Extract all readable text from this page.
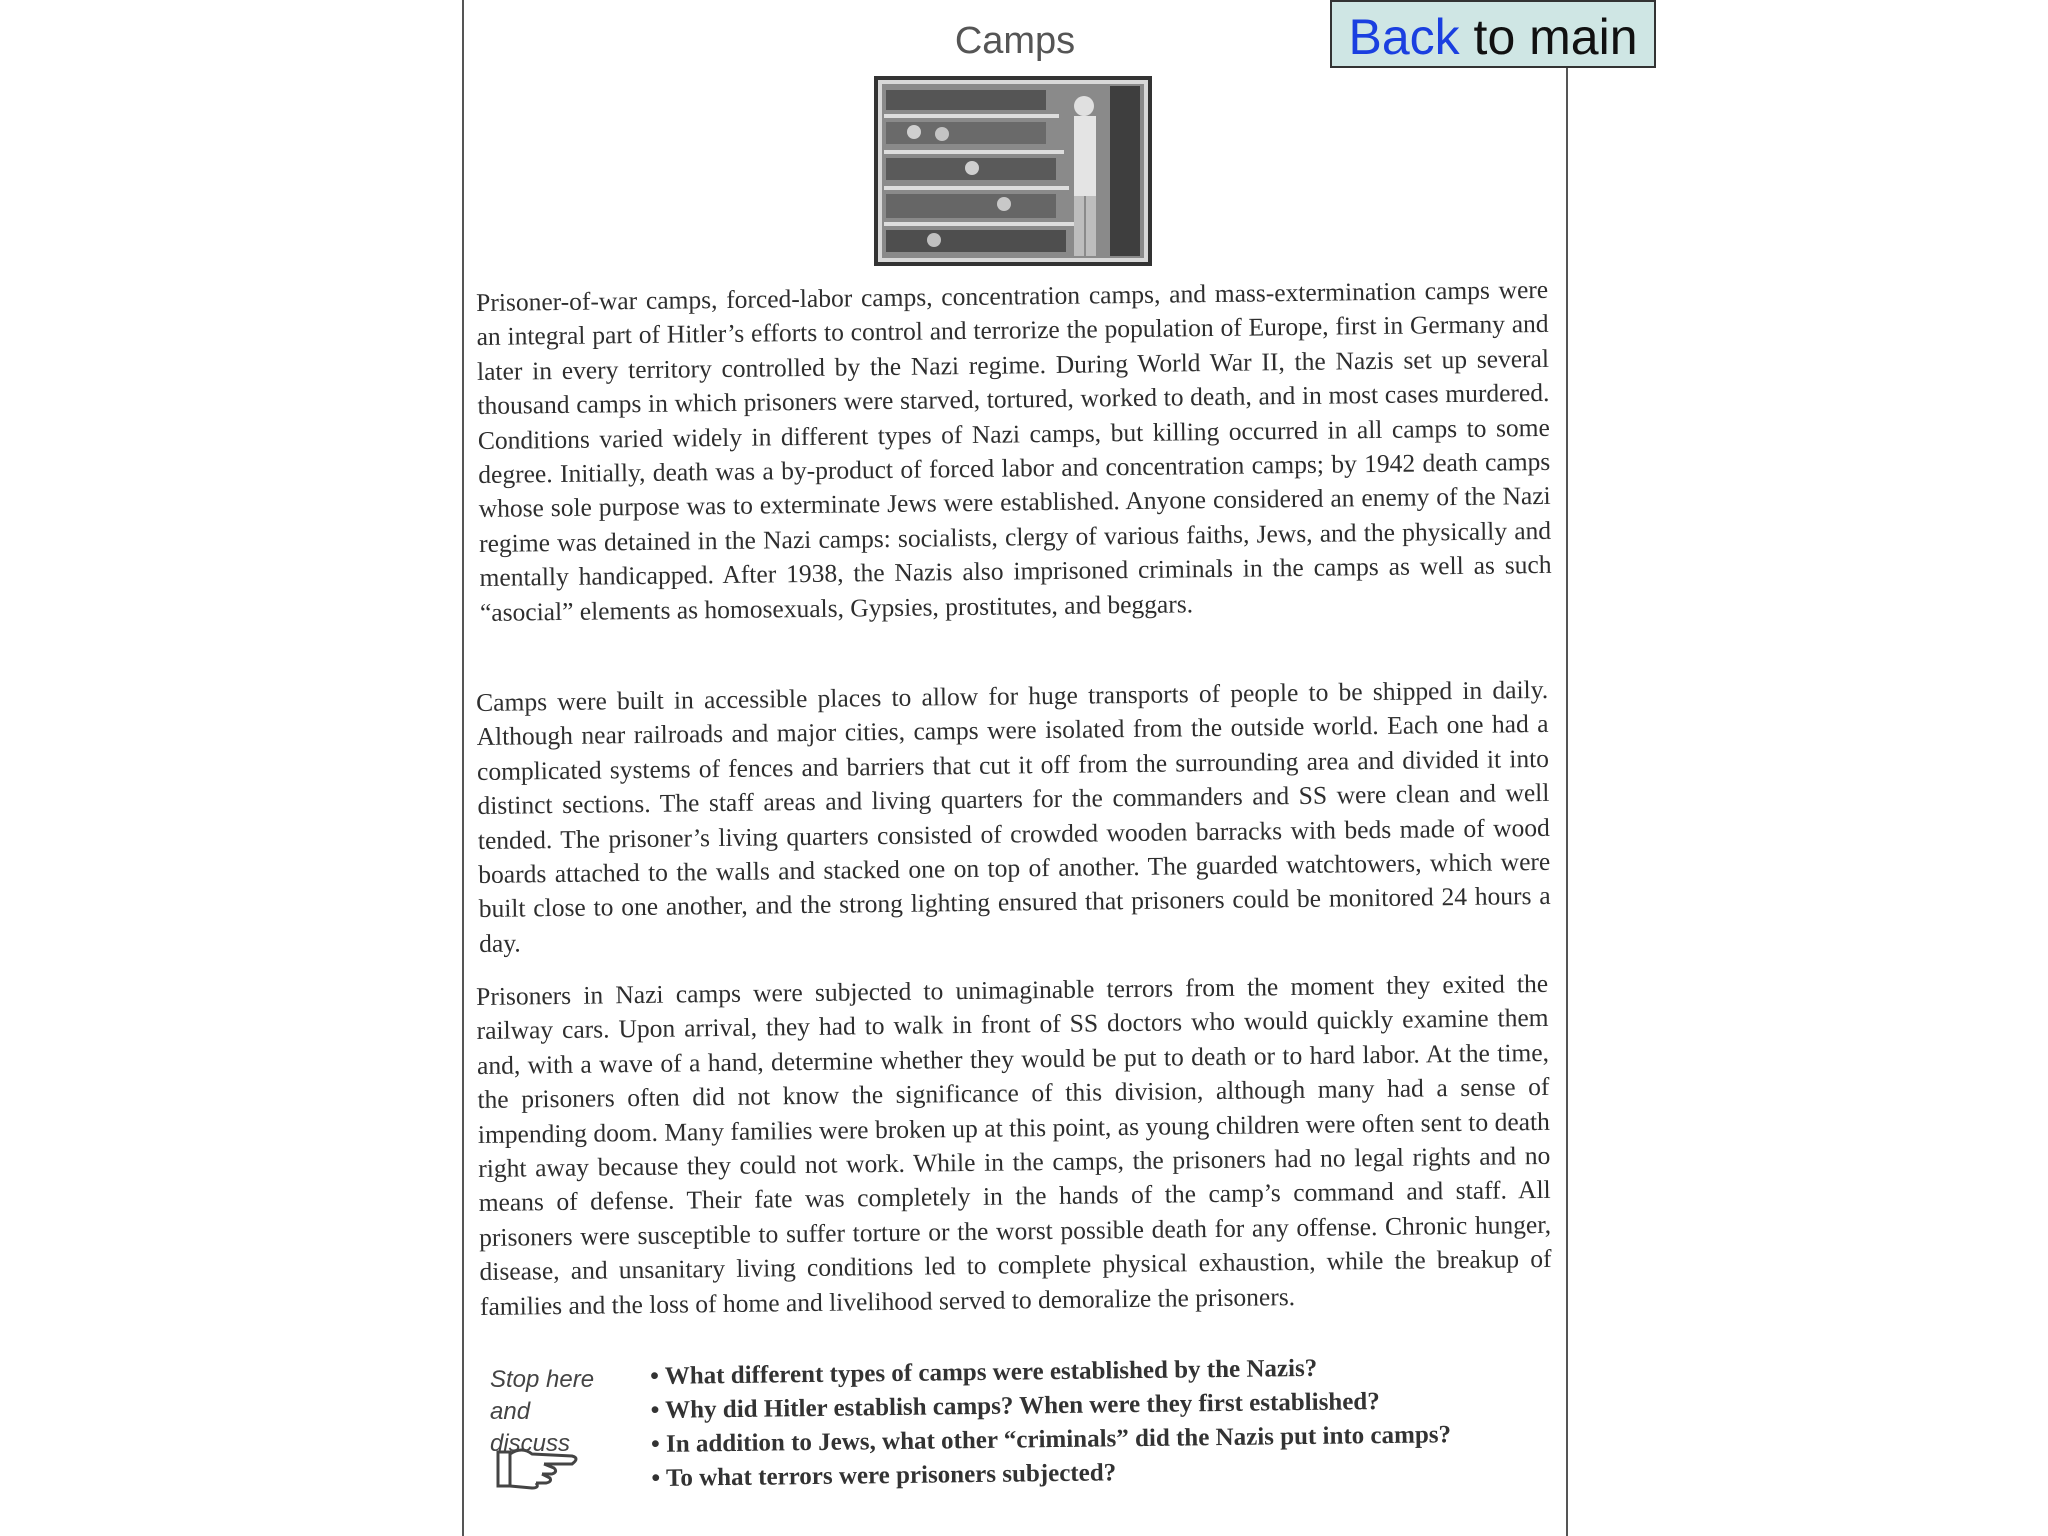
Camps
Prisoner-of-war camps, forced-labor camps, concentration camps, and mass-extermination camps were an integral part of Hitler’s efforts to control and terrorize the population of Europe, first in Germany and later in every territory controlled by the Nazi regime. During World War II, the Nazis set up several thousand camps in which prisoners were starved, tortured, worked to death, and in most cases murdered. Conditions varied widely in different types of Nazi camps, but killing occurred in all camps to some degree. Initially, death was a by-product of forced labor and concentration camps; by 1942 death camps whose sole purpose was to exterminate Jews were established. Anyone considered an enemy of the Nazi regime was detained in the Nazi camps: socialists, clergy of various faiths, Jews, and the physically and mentally handicapped. After 1938, the Nazis also imprisoned criminals in the camps as well as such “asocial” elements as homosexuals, Gypsies, prostitutes, and beggars.
Camps were built in accessible places to allow for huge transports of people to be shipped in daily. Although near railroads and major cities, camps were isolated from the outside world. Each one had a complicated systems of fences and barriers that cut it off from the surrounding area and divided it into distinct sections. The staff areas and living quarters for the commanders and SS were clean and well tended. The prisoner’s living quarters consisted of crowded wooden barracks with beds made of wood boards attached to the walls and stacked one on top of another. The guarded watchtowers, which were built close to one another, and the strong lighting ensured that prisoners could be monitored 24 hours a day.
Prisoners in Nazi camps were subjected to unimaginable terrors from the moment they exited the railway cars. Upon arrival, they had to walk in front of SS doctors who would quickly examine them and, with a wave of a hand, determine whether they would be put to death or to hard labor. At the time, the prisoners often did not know the significance of this division, although many had a sense of impending doom. Many families were broken up at this point, as young children were often sent to death right away because they could not work. While in the camps, the prisoners had no legal rights and no means of defense. Their fate was completely in the hands of the camp’s command and staff. All prisoners were susceptible to suffer torture or the worst possible death for any offense. Chronic hunger, disease, and unsanitary living conditions led to complete physical exhaustion, while the breakup of families and the loss of home and livelihood served to demoralize the prisoners.
Stop here
and discuss
• What different types of camps were established by the Nazis?
• Why did Hitler establish camps? When were they first established?
• In addition to Jews, what other “criminals” did the Nazis put into camps?
• To what terrors were prisoners subjected?
Back to main
